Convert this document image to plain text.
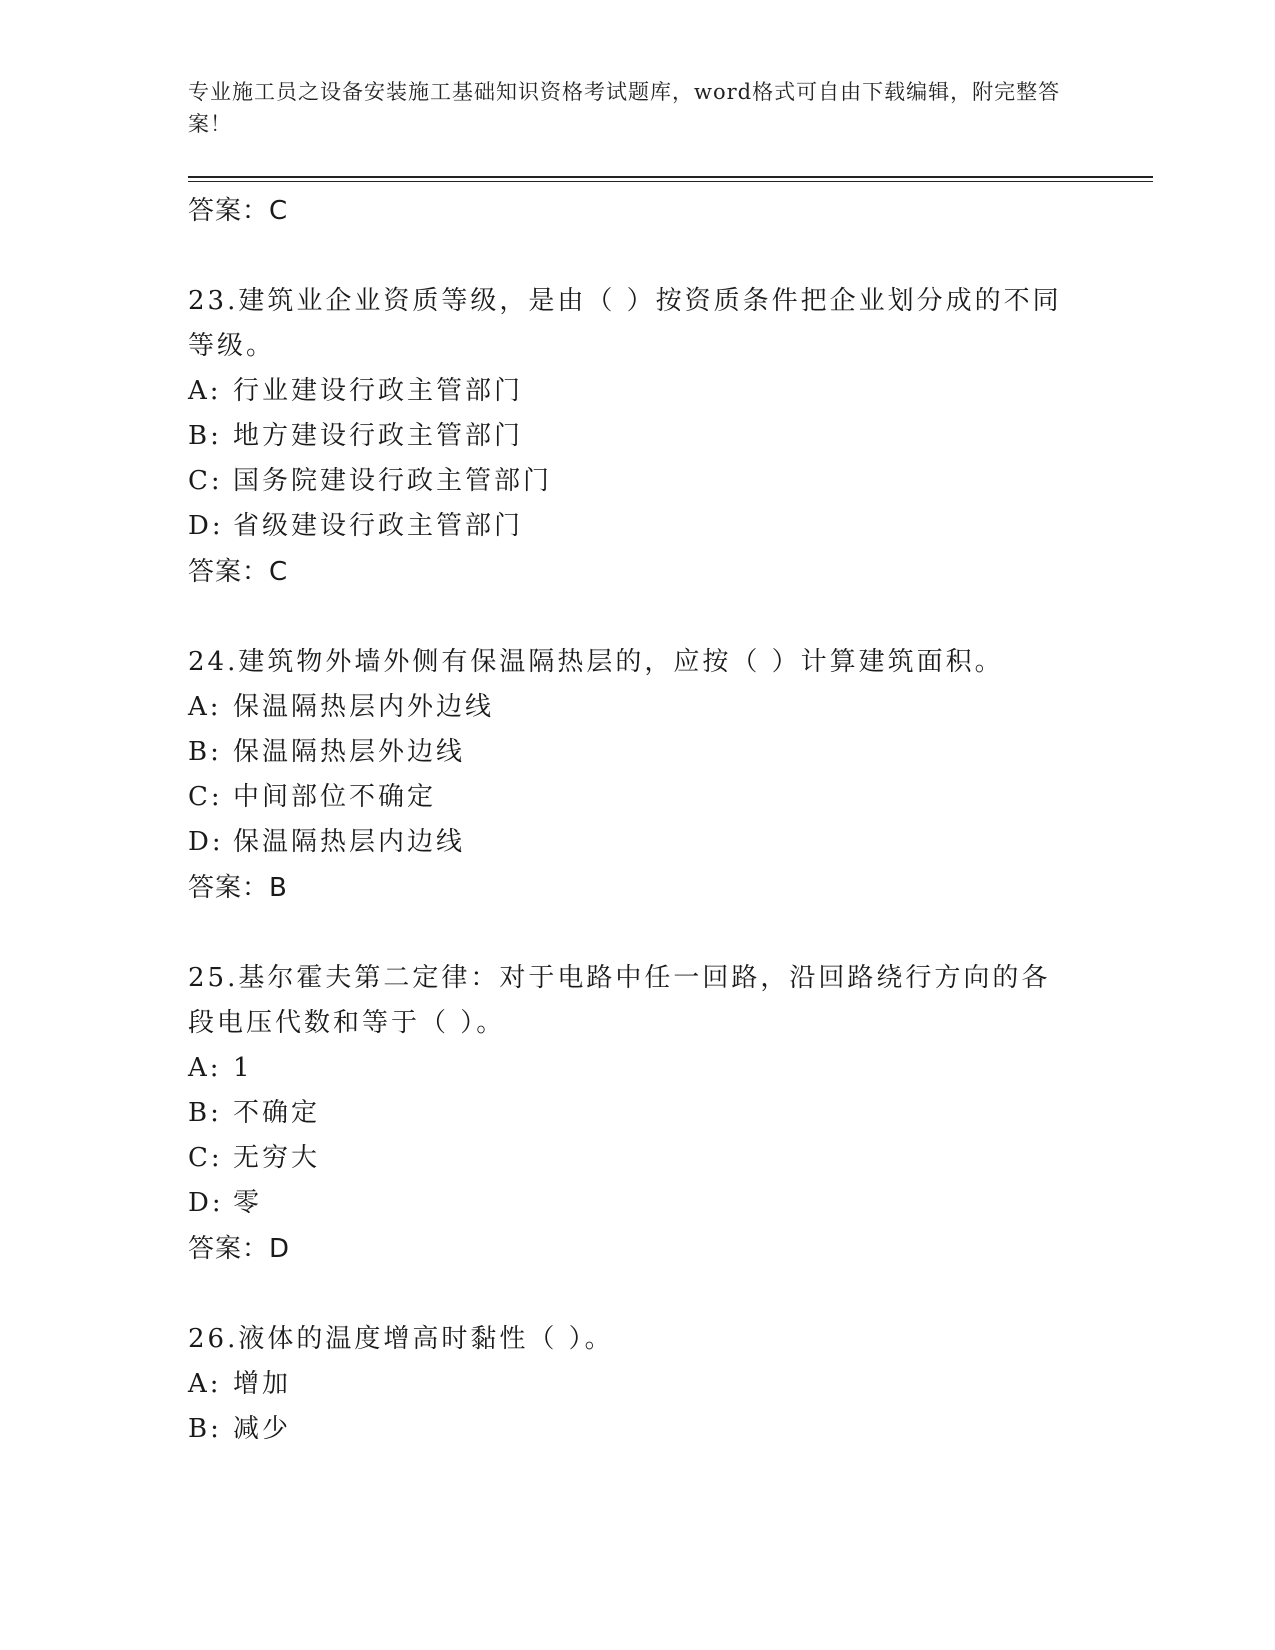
专业施工员之设备安装施工基础知识资格考试题库，word格式可自由下载编辑，附完整答案！
答案：C
23.建筑业企业资质等级，是由（ ）按资质条件把企业划分成的不同等级。
A: 行业建设行政主管部门
B: 地方建设行政主管部门
C: 国务院建设行政主管部门
D: 省级建设行政主管部门
答案：C
24.建筑物外墙外侧有保温隔热层的，应按（ ）计算建筑面积。
A: 保温隔热层内外边线
B: 保温隔热层外边线
C: 中间部位不确定
D: 保温隔热层内边线
答案：B
25.基尔霍夫第二定律：对于电路中任一回路，沿回路绕行方向的各段电压代数和等于（ ）。
A: 1
B: 不确定
C: 无穷大
D: 零
答案：D
26.液体的温度增高时黏性（ ）。
A: 增加
B: 减少
